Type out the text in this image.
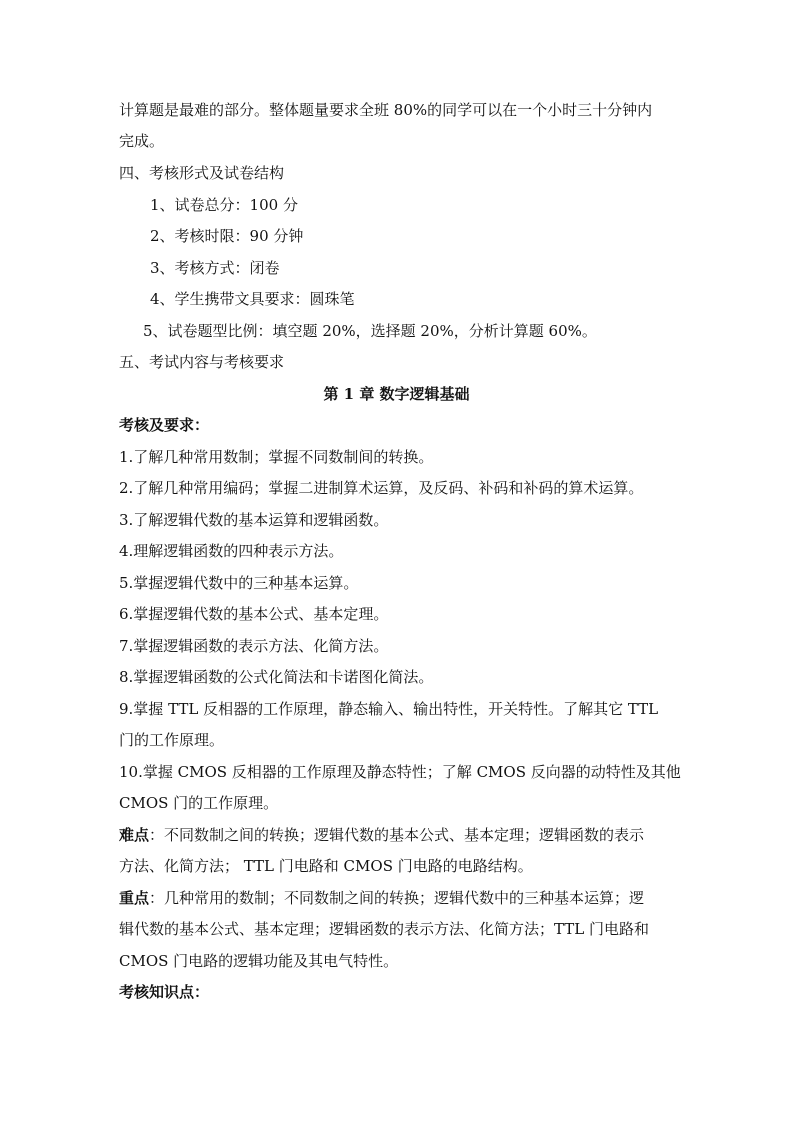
计算题是最难的部分。整体题量要求全班 80%的同学可以在一个小时三十分钟内
完成。
四、考核形式及试卷结构
1、试卷总分：100 分
2、考核时限：90 分钟
3、考核方式：闭卷
4、学生携带文具要求：圆珠笔
5、试卷题型比例：填空题 20%，选择题 20%，分析计算题 60%。
五、考试内容与考核要求
第 1 章 数字逻辑基础
考核及要求：
1.了解几种常用数制；掌握不同数制间的转换。
2.了解几种常用编码；掌握二进制算术运算，及反码、补码和补码的算术运算。
3.了解逻辑代数的基本运算和逻辑函数。
4.理解逻辑函数的四种表示方法。
5.掌握逻辑代数中的三种基本运算。
6.掌握逻辑代数的基本公式、基本定理。
7.掌握逻辑函数的表示方法、化简方法。
8.掌握逻辑函数的公式化简法和卡诺图化简法。
9.掌握 TTL 反相器的工作原理，静态输入、输出特性，开关特性。了解其它 TTL
门的工作原理。
10.掌握 CMOS 反相器的工作原理及静态特性；了解 CMOS 反向器的动特性及其他
CMOS 门的工作原理。
难点：不同数制之间的转换；逻辑代数的基本公式、基本定理；逻辑函数的表示
方法、化简方法； TTL 门电路和 CMOS 门电路的电路结构。
重点：几种常用的数制；不同数制之间的转换；逻辑代数中的三种基本运算；逻
辑代数的基本公式、基本定理；逻辑函数的表示方法、化简方法；TTL 门电路和
CMOS 门电路的逻辑功能及其电气特性。
考核知识点：
